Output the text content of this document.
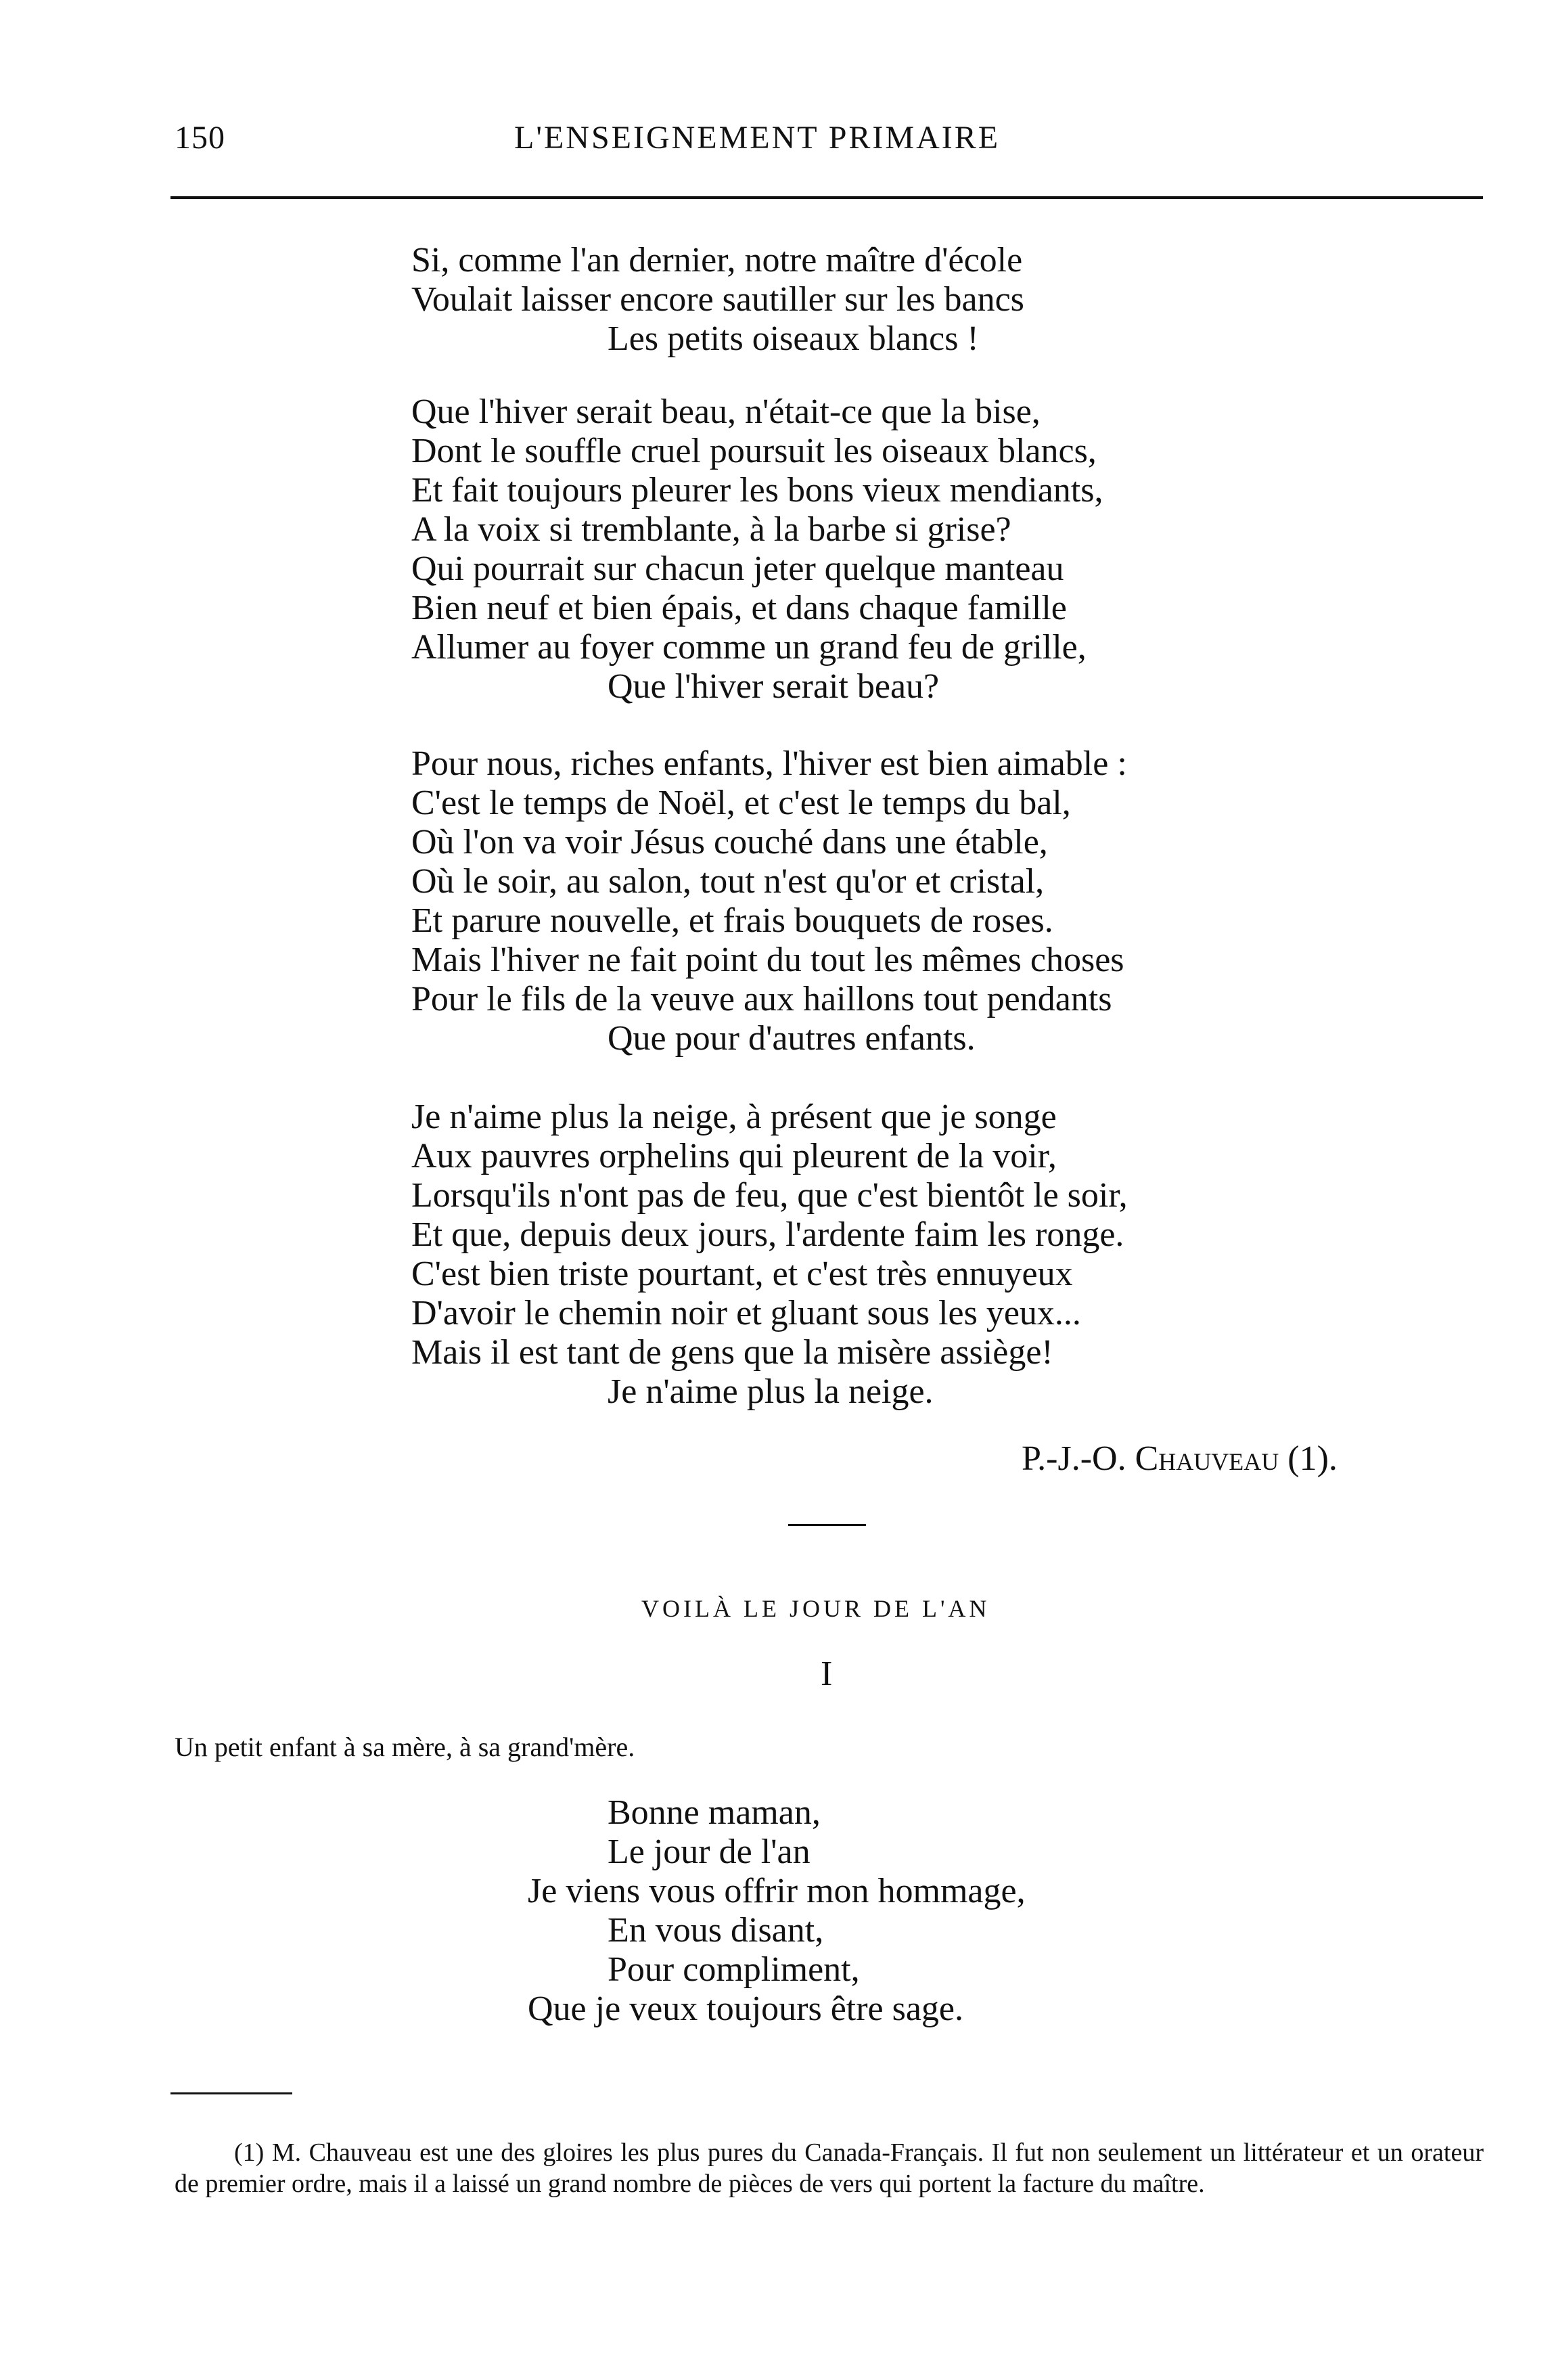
150	L'ENSEIGNEMENT PRIMAIRE
Si, comme l'an dernier, notre maître d'école
Voulait laisser encore sautiller sur les bancs
Les petits oiseaux blancs !
Que l'hiver serait beau, n'était-ce que la bise,
Dont le souffle cruel poursuit les oiseaux blancs,
Et fait toujours pleurer les bons vieux mendiants,
A la voix si tremblante, à la barbe si grise?
Qui pourrait sur chacun jeter quelque manteau
Bien neuf et bien épais, et dans chaque famille
Allumer au foyer comme un grand feu de grille,
Que l'hiver serait beau?
Pour nous, riches enfants, l'hiver est bien aimable :
C'est le temps de Noël, et c'est le temps du bal,
Où l'on va voir Jésus couché dans une étable,
Où le soir, au salon, tout n'est qu'or et cristal,
Et parure nouvelle, et frais bouquets de roses.
Mais l'hiver ne fait point du tout les mêmes choses
Pour le fils de la veuve aux haillons tout pendants
Que pour d'autres enfants.
Je n'aime plus la neige, à présent que je songe
Aux pauvres orphelins qui pleurent de la voir,
Lorsqu'ils n'ont pas de feu, que c'est bientôt le soir,
Et que, depuis deux jours, l'ardente faim les ronge.
C'est bien triste pourtant, et c'est très ennuyeux
D'avoir le chemin noir et gluant sous les yeux...
Mais il est tant de gens que la misère assiège!
Je n'aime plus la neige.
P.-J.-O. Chauveau (1).
VOILÀ LE JOUR DE L'AN
I
Un petit enfant à sa mère, à sa grand'mère.
Bonne maman,
Le jour de l'an
Je viens vous offrir mon hommage,
En vous disant,
Pour compliment,
Que je veux toujours être sage.
(1) M. Chauveau est une des gloires les plus pures du Canada-Français. Il fut non seulement un littérateur et un orateur de premier ordre, mais il a laissé un grand nombre de pièces de vers qui portent la facture du maître.
